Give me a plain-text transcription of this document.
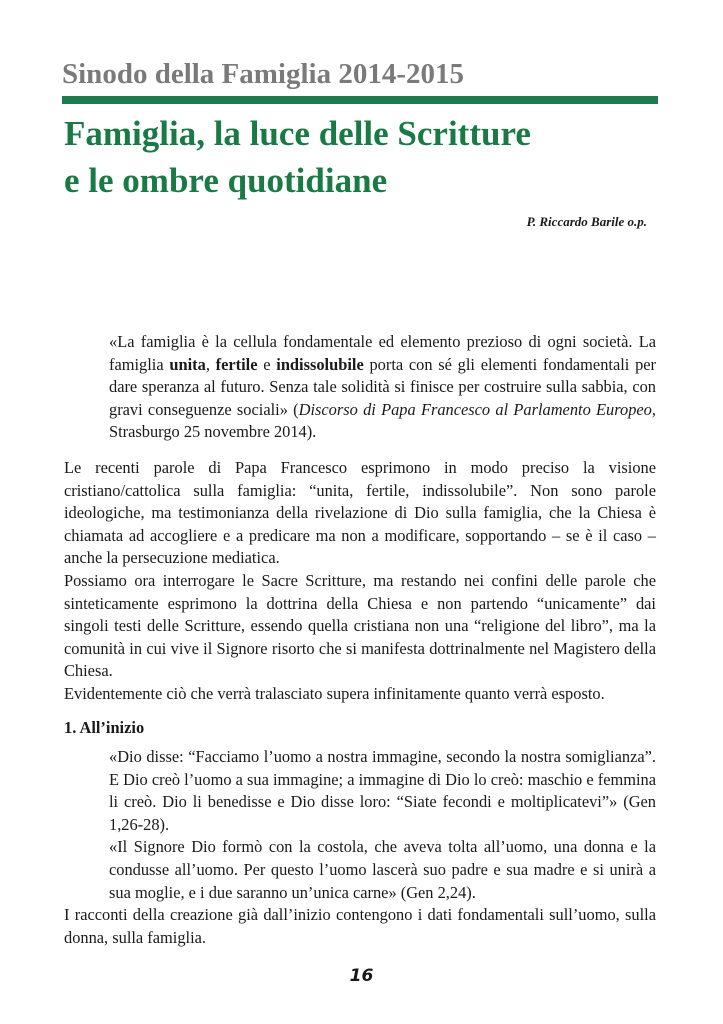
Sinodo della Famiglia 2014-2015
Famiglia, la luce delle Scritture
e le ombre quotidiane
P. Riccardo Barile o.p.

«La famiglia è la cellula fondamentale ed elemento prezioso di ogni società. La famiglia unita, fertile e indissolubile porta con sé gli elementi fondamentali per dare speranza al futuro. Senza tale solidità si finisce per costruire sulla sabbia, con gravi conseguenze sociali» (Discorso di Papa Francesco al Parlamento Europeo, Strasburgo 25 novembre 2014).

Le recenti parole di Papa Francesco esprimono in modo preciso la visione cristiano/cattolica sulla famiglia: “unita, fertile, indissolubile”. Non sono parole ideologiche, ma testimonianza della rivelazione di Dio sulla famiglia, che la Chiesa è chiamata ad accogliere e a predicare ma non a modificare, sopportando – se è il caso – anche la persecuzione mediatica.

Possiamo ora interrogare le Sacre Scritture, ma restando nei confini delle parole che sinteticamente esprimono la dottrina della Chiesa e non partendo “unicamente” dai singoli testi delle Scritture, essendo quella cristiana non una “religione del libro”, ma la comunità in cui vive il Signore risorto che si manifesta dottrinalmente nel Magistero della Chiesa.

Evidentemente ciò che verrà tralasciato supera infinitamente quanto verrà esposto.

1. All’inizio

«Dio disse: “Facciamo l’uomo a nostra immagine, secondo la nostra somiglianza”. E Dio creò l’uomo a sua immagine; a immagine di Dio lo creò: maschio e femmina li creò. Dio li benedisse e Dio disse loro: “Siate fecondi e moltiplicatevi”» (Gen 1,26-28).

«Il Signore Dio formò con la costola, che aveva tolta all’uomo, una donna e la condusse all’uomo. Per questo l’uomo lascerà suo padre e sua madre e si unirà a sua moglie, e i due saranno un’unica carne» (Gen 2,24).

I racconti della creazione già dall’inizio contengono i dati fondamentali sull’uomo, sulla donna, sulla famiglia.

16
